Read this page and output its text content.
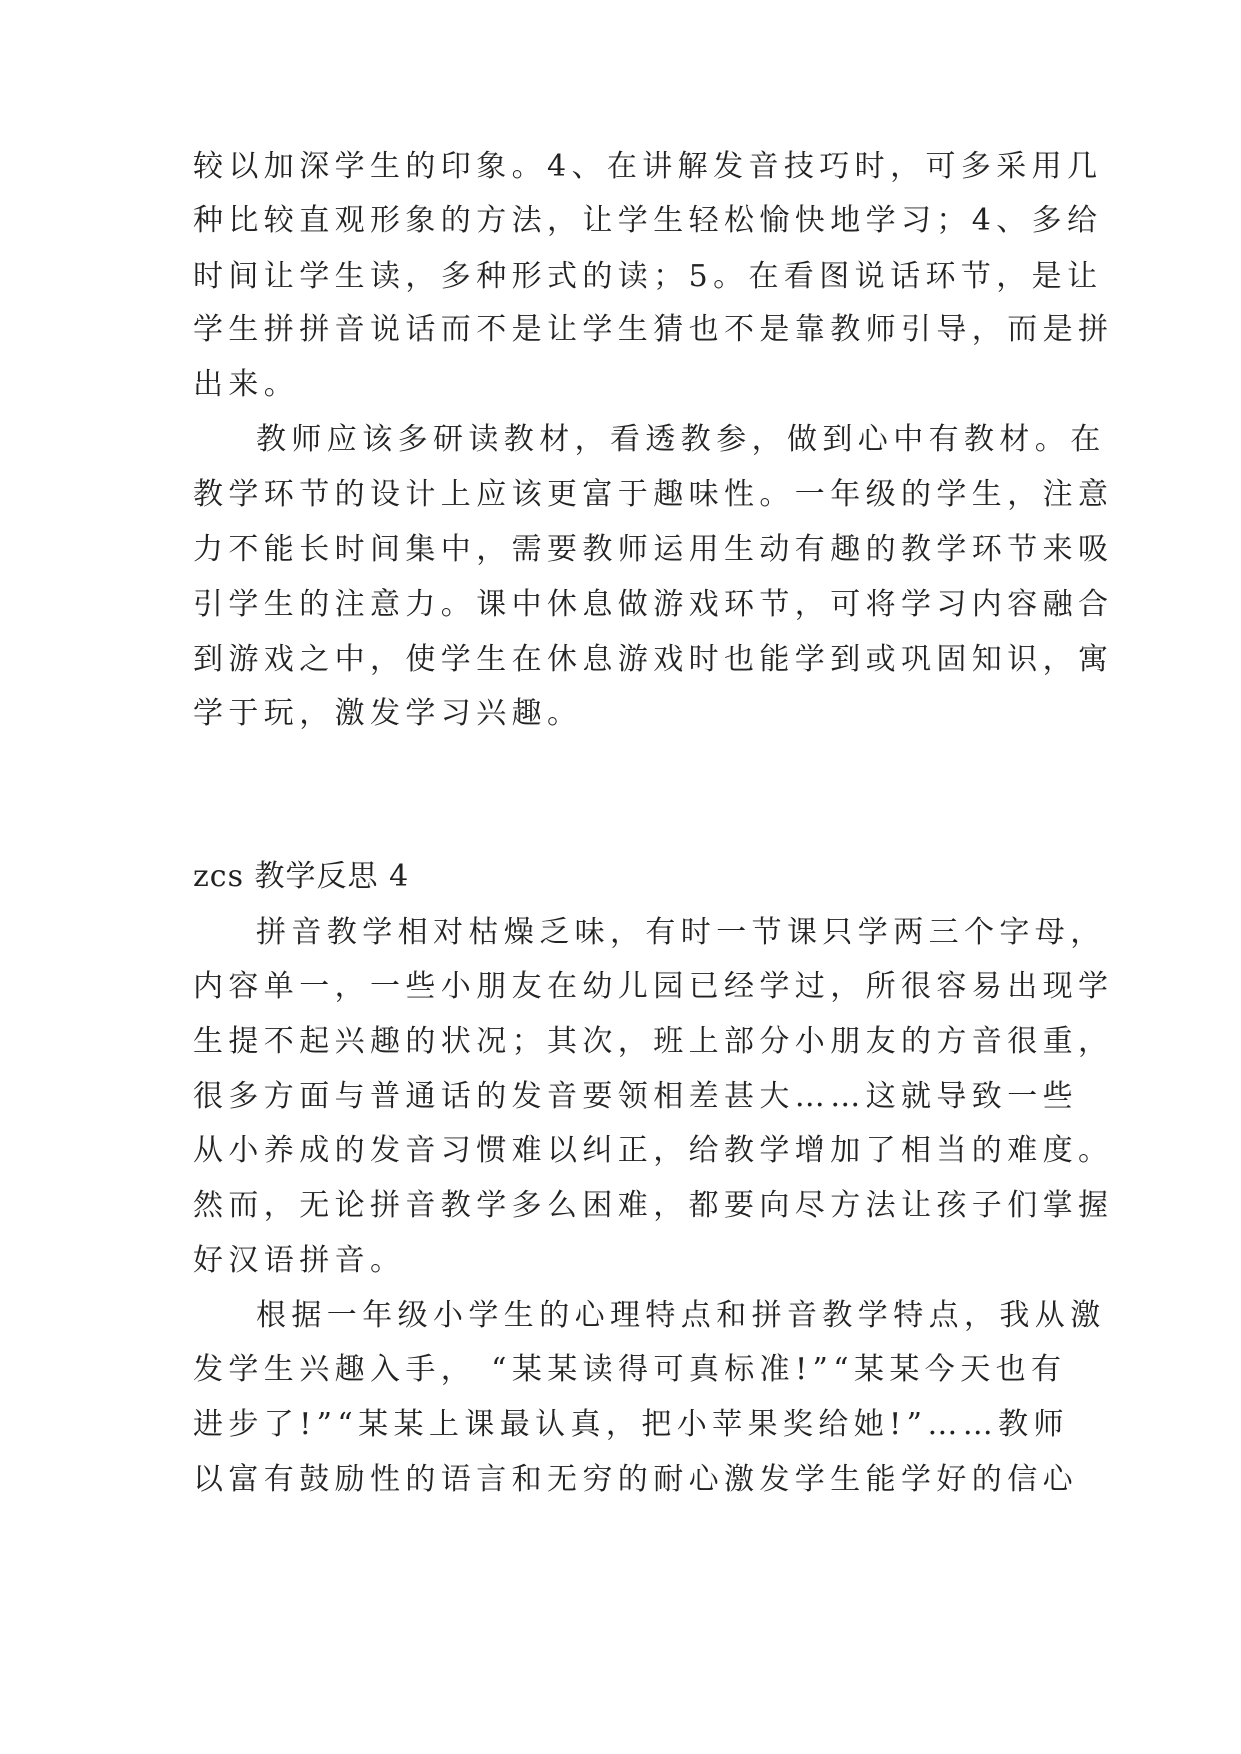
较以加深学生的印象。4、在讲解发音技巧时，可多采用几
种比较直观形象的方法，让学生轻松愉快地学习；4、多给
时间让学生读，多种形式的读；5。在看图说话环节，是让
学生拼拼音说话而不是让学生猜也不是靠教师引导，而是拼
出来。
教师应该多研读教材，看透教参，做到心中有教材。在
教学环节的设计上应该更富于趣味性。一年级的学生，注意
力不能长时间集中，需要教师运用生动有趣的教学环节来吸
引学生的注意力。课中休息做游戏环节，可将学习内容融合
到游戏之中，使学生在休息游戏时也能学到或巩固知识，寓
学于玩，激发学习兴趣。
zcs 教学反思 4
拼音教学相对枯燥乏味，有时一节课只学两三个字母，
内容单一，一些小朋友在幼儿园已经学过，所很容易出现学
生提不起兴趣的状况；其次，班上部分小朋友的方音很重，
很多方面与普通话的发音要领相差甚大……这就导致一些
从小养成的发音习惯难以纠正，给教学增加了相当的难度。
然而，无论拼音教学多么困难，都要向尽方法让孩子们掌握
好汉语拼音。
根据一年级小学生的心理特点和拼音教学特点，我从激
发学生兴趣入手， “某某读得可真标准!”“某某今天也有
进步了!”“某某上课最认真，把小苹果奖给她!”……教师
以富有鼓励性的语言和无穷的耐心激发学生能学好的信心
